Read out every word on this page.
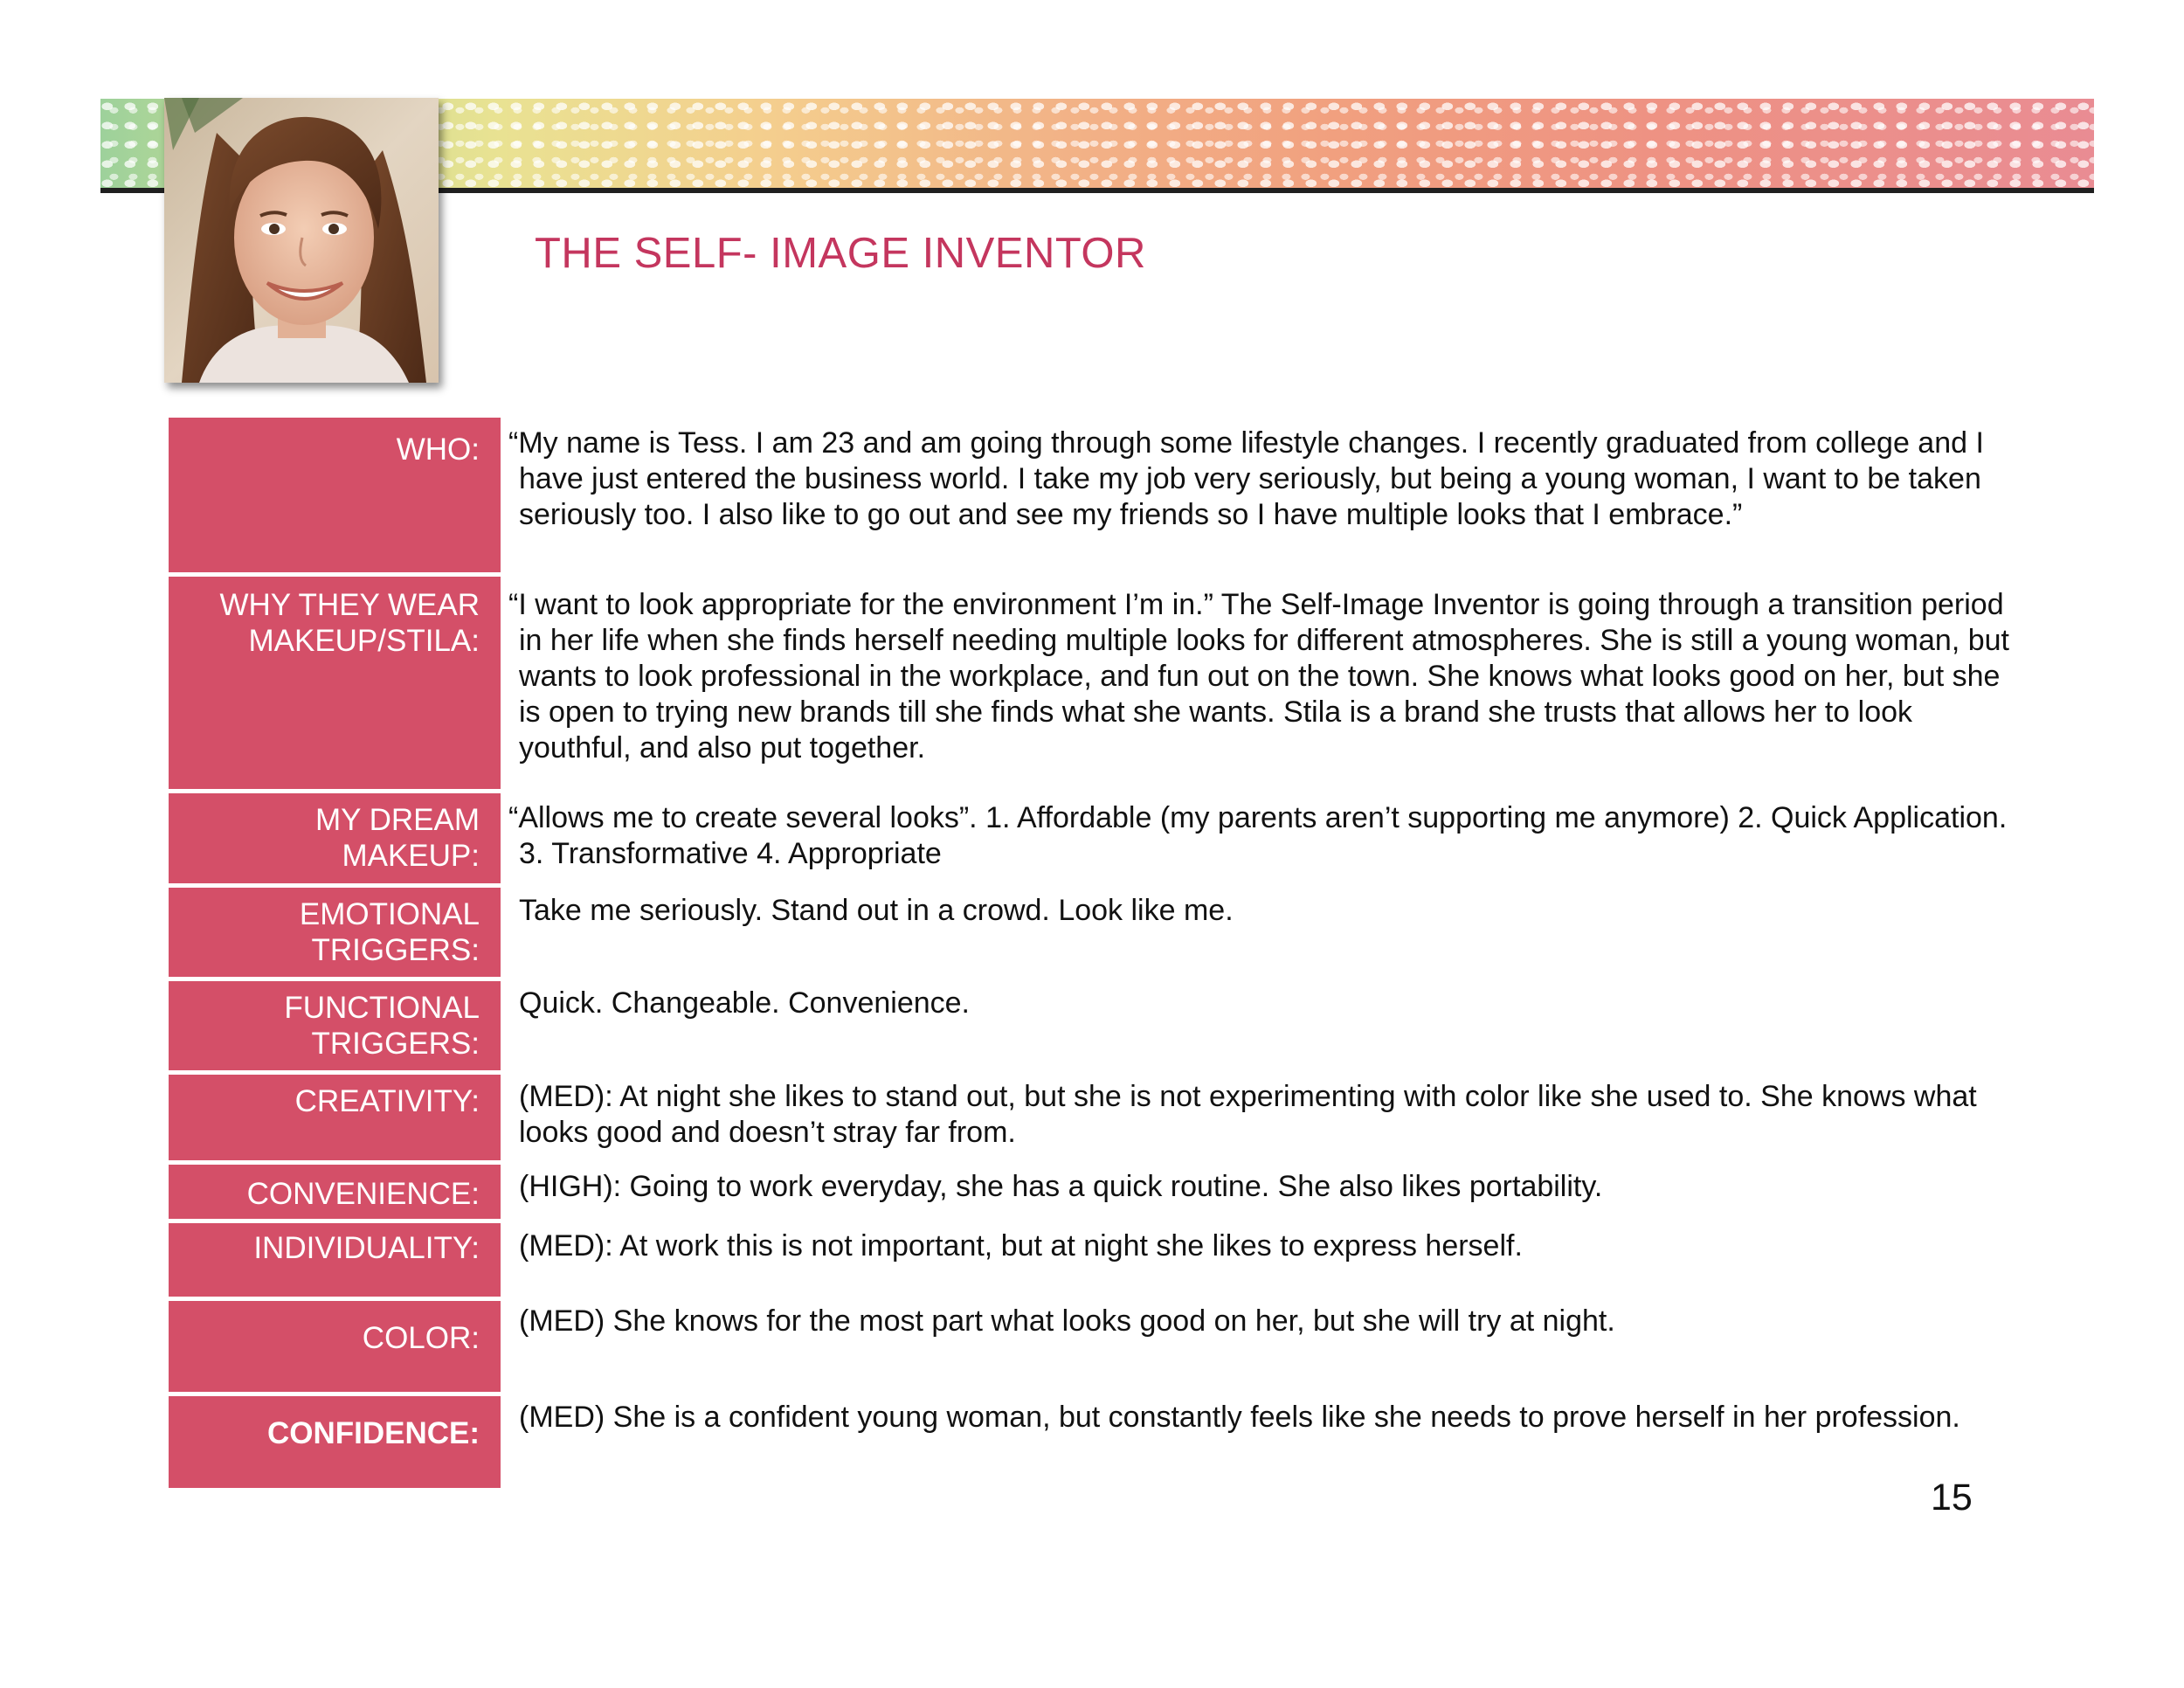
THE SELF- IMAGE INVENTOR
WHO: “My name is Tess. I am 23 and am going through some lifestyle changes. I recently graduated from college and I have just entered the business world. I take my job very seriously, but being a young woman, I want to be taken seriously too. I also like to go out and see my friends so I have multiple looks that I embrace.”

WHY THEY WEAR MAKEUP/STILA:

“I want to look appropriate for the environment I’m in.” The Self-Image Inventor is going through a transition period in her life when she finds herself needing multiple looks for different atmospheres. She is still a young woman, but wants to look professional in the workplace, and fun out on the town. She knows what looks good on her, but she is open to trying new brands till she finds what she wants. Stila is a brand she trusts that allows her to look youthful, and also put together.

MY DREAM MAKEUP:

“Allows me to create several looks”. 1. Affordable (my parents aren’t supporting me anymore) 2. Quick Application. 3. Transformative 4. Appropriate

EMOTIONAL TRIGGERS:

Take me seriously. Stand out in a crowd. Look like me.

FUNCTIONAL TRIGGERS:

Quick. Changeable. Convenience.

CREATIVITY:	(MED): At night she likes to stand out, but she is not experimenting with color like she used to. She knows what looks good and doesn’t stray far from.

CONVENIENCE:	(HIGH): Going to work everyday, she has a quick routine. She also likes portability.

INDIVIDUALITY:	(MED): At work this is not important, but at night she likes to express herself.

COLOR:	(MED) She knows for the most part what looks good on her, but she will try at night.

CONFIDENCE:	(MED) She is a confident young woman, but constantly feels like she needs to prove herself in her profession.

15
